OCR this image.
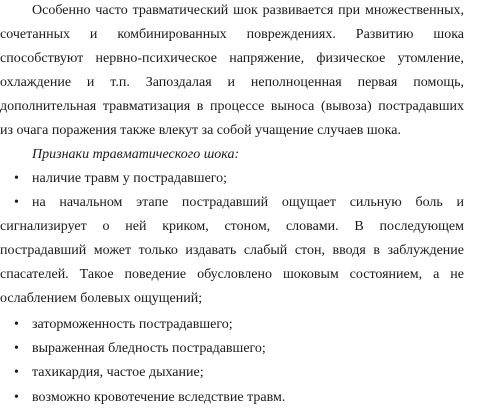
Особенно часто травматический шок развивается при множественных,
сочетанных и комбинированных повреждениях. Развитию шока
способствуют нервно-психическое напряжение, физическое утомление,
охлаждение и т.п. Запоздалая и неполноценная первая помощь,
дополнительная травматизация в процессе выноса (вывоза) пострадавших
из очага поражения также влекут за собой учащение случаев шока.
Признаки травматического шока:
• наличие травм у пострадавшего;
• на начальном этапе пострадавший ощущает сильную боль и
сигнализирует о ней криком, стоном, словами. В последующем
пострадавший может только издавать слабый стон, вводя в заблуждение
спасателей. Такое поведение обусловлено шоковым состоянием, а не
ослаблением болевых ощущений;
• заторможенность пострадавшего;
• выраженная бледность пострадавшего;
• тахикардия, частое дыхание;
• возможно кровотечение вследствие травм.
